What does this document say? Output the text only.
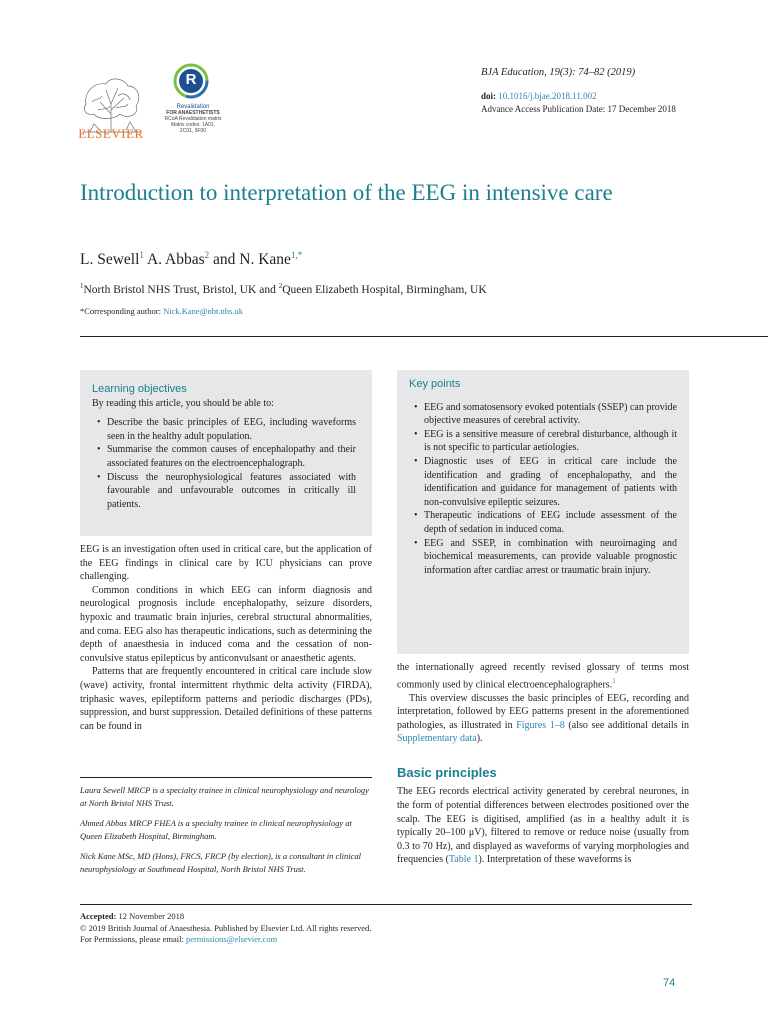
ELSEVIER
R
Revalidation
FOR ANAESTHETISTS
RCoA Revalidation matrix
Matrix codes: 1A01,
2C01, 3F00
BJA Education, 19(3): 74–82 (2019)
doi: 10.1016/j.bjae.2018.11.002
Advance Access Publication Date: 17 December 2018
Introduction to interpretation of the EEG in intensive care
L. Sewell$^1$ A. Abbas$^2$ and N. Kane$^{1,*}$
$^1$North Bristol NHS Trust, Bristol, UK and $^2$Queen Elizabeth Hospital, Birmingham, UK
*Corresponding author: Nick.Kane@nbt.nhs.uk
Learning objectives
By reading this article, you should be able to:
• Describe the basic principles of EEG, including waveforms seen in the healthy adult population.
• Summarise the common causes of encephalopathy and their associated features on the electroencephalograph.
• Discuss the neurophysiological features associated with favourable and unfavourable outcomes in critically ill patients.
Key points
• EEG and somatosensory evoked potentials (SSEP) can provide objective measures of cerebral activity.
• EEG is a sensitive measure of cerebral disturbance, although it is not specific to particular aetiologies.
• Diagnostic uses of EEG in critical care include the identification and grading of encephalopathy, and the identification and guidance for management of patients with non-convulsive epileptic seizures.
• Therapeutic indications of EEG include assessment of the depth of sedation in induced coma.
• EEG and SSEP, in combination with neuroimaging and biochemical measurements, can provide valuable prognostic information after cardiac arrest or traumatic brain injury.

EEG is an investigation often used in critical care, but the application of the EEG findings in clinical care by ICU physicians can prove challenging.

Common conditions in which EEG can inform diagnosis and neurological prognosis include encephalopathy, seizure disorders, hypoxic and traumatic brain injuries, cerebral structural abnormalities, and coma. EEG also has therapeutic indications, such as determining the depth of anaesthesia in induced coma and the cessation of non-convulsive status epilepticus by anticonvulsant or anaesthetic agents.

Patterns that are frequently encountered in critical care include slow (wave) activity, frontal intermittent rhythmic delta activity (FIRDA), triphasic waves, epileptiform patterns and periodic discharges (PDs), suppression, and burst suppression. Detailed definitions of these patterns can be found in

Laura Sewell MRCP is a specialty trainee in clinical neurophysiology and neurology at North Bristol NHS Trust.

Ahmed Abbas MRCP FHEA is a specialty trainee in clinical neurophysiology at Queen Elizabeth Hospital, Birmingham.

Nick Kane MSc, MD (Hons), FRCS, FRCP (by election), is a consultant in clinical neurophysiology at Southmead Hospital, North Bristol NHS Trust.

the internationally agreed recently revised glossary of terms most commonly used by clinical electroencephalographers.$^1$

This overview discusses the basic principles of EEG, recording and interpretation, followed by EEG patterns present in the aforementioned pathologies, as illustrated in Figures 1–8 (also see additional details in Supplementary data).

Basic principles

The EEG records electrical activity generated by cerebral neurones, in the form of potential differences between electrodes positioned over the scalp. The EEG is digitised, amplified (as in a healthy adult it is typically 20–100 μV), filtered to remove or reduce noise (usually from 0.3 to 70 Hz), and displayed as waveforms of varying morphologies and frequencies (Table 1). Interpretation of these waveforms is

Accepted: 12 November 2018
© 2019 British Journal of Anaesthesia. Published by Elsevier Ltd. All rights reserved.
For Permissions, please email: permissions@elsevier.com
74
